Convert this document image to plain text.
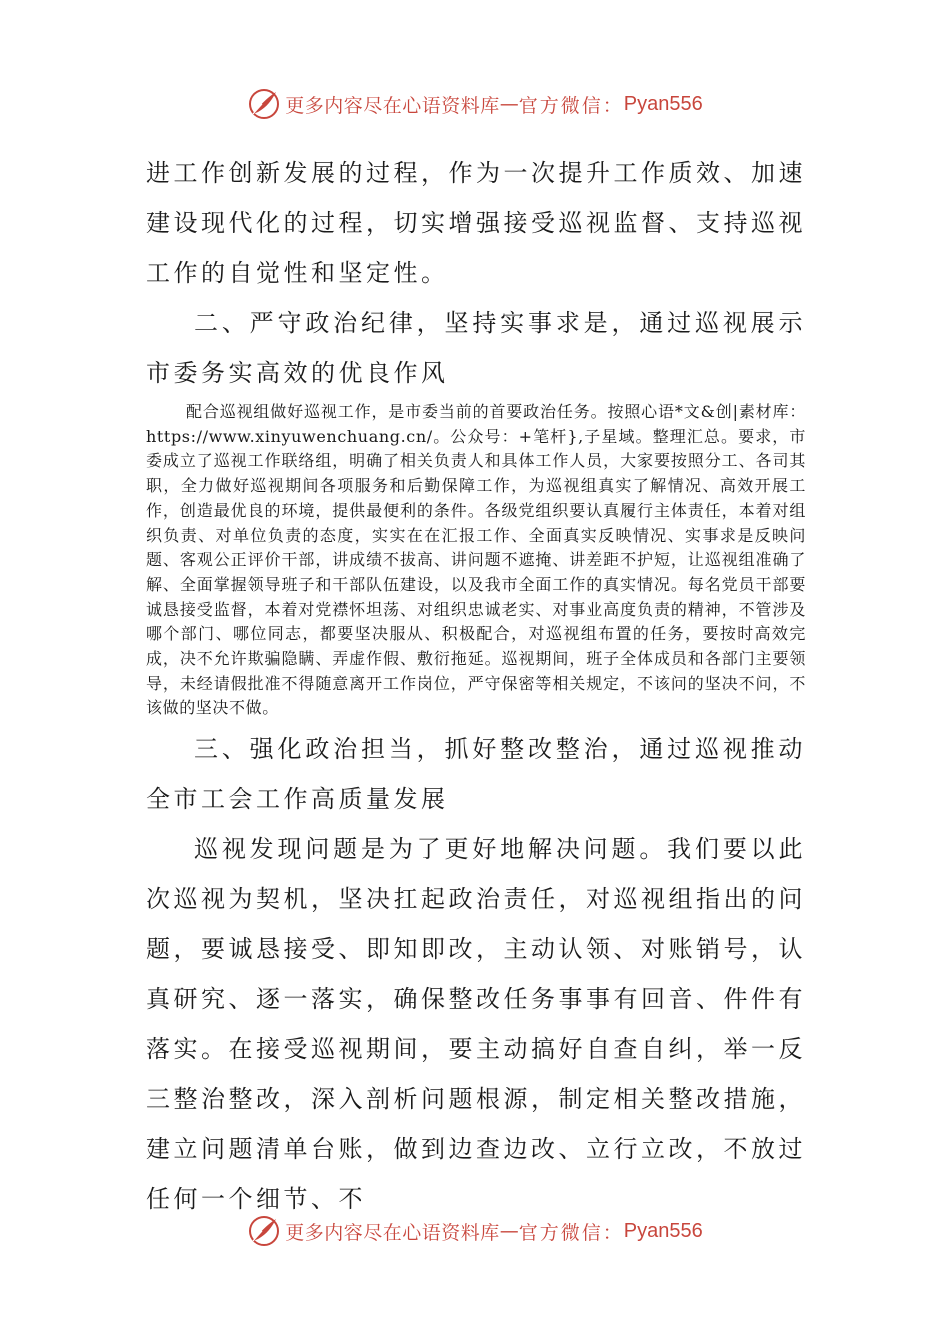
更多内容尽在心语资料库 — 官方微信： Pyan556

进工作创新发展的过程，作为一次提升工作质效、加速建设现代化的过程，切实增强接受巡视监督、支持巡视工作的自觉性和坚定性。

二、严守政治纪律，坚持实事求是，通过巡视展示市委务实高效的优良作风

配合巡视组做好巡视工作，是市委当前的首要政治任务。按照心语*文&创|素材库：https://www.xinyuwenchuang.cn/。公众号：+笔杆},子星域。整理汇总。要求，市委成立了巡视工作联络组，明确了相关负责人和具体工作人员，大家要按照分工、各司其职，全力做好巡视期间各项服务和后勤保障工作，为巡视组真实了解情况、高效开展工作，创造最优良的环境，提供最便利的条件。各级党组织要认真履行主体责任，本着对组织负责、对单位负责的态度，实实在在汇报工作、全面真实反映情况、实事求是反映问题、客观公正评价干部，讲成绩不拔高、讲问题不遮掩、讲差距不护短，让巡视组准确了解、全面掌握领导班子和干部队伍建设，以及我市全面工作的真实情况。每名党员干部要诚恳接受监督，本着对党襟怀坦荡、对组织忠诚老实、对事业高度负责的精神，不管涉及哪个部门、哪位同志，都要坚决服从、积极配合，对巡视组布置的任务，要按时高效完成，决不允许欺骗隐瞒、弄虚作假、敷衍拖延。巡视期间，班子全体成员和各部门主要领导，未经请假批准不得随意离开工作岗位，严守保密等相关规定，不该问的坚决不问，不该做的坚决不做。

三、强化政治担当，抓好整改整治，通过巡视推动全市工会工作高质量发展

巡视发现问题是为了更好地解决问题。我们要以此次巡视为契机，坚决扛起政治责任，对巡视组指出的问题，要诚恳接受、即知即改，主动认领、对账销号，认真研究、逐一落实，确保整改任务事事有回音、件件有落实。在接受巡视期间，要主动搞好自查自纠，举一反三整治整改，深入剖析问题根源，制定相关整改措施，建立问题清单台账，做到边查边改、立行立改，不放过任何一个细节、不

更多内容尽在心语资料库 — 官方微信： Pyan556
